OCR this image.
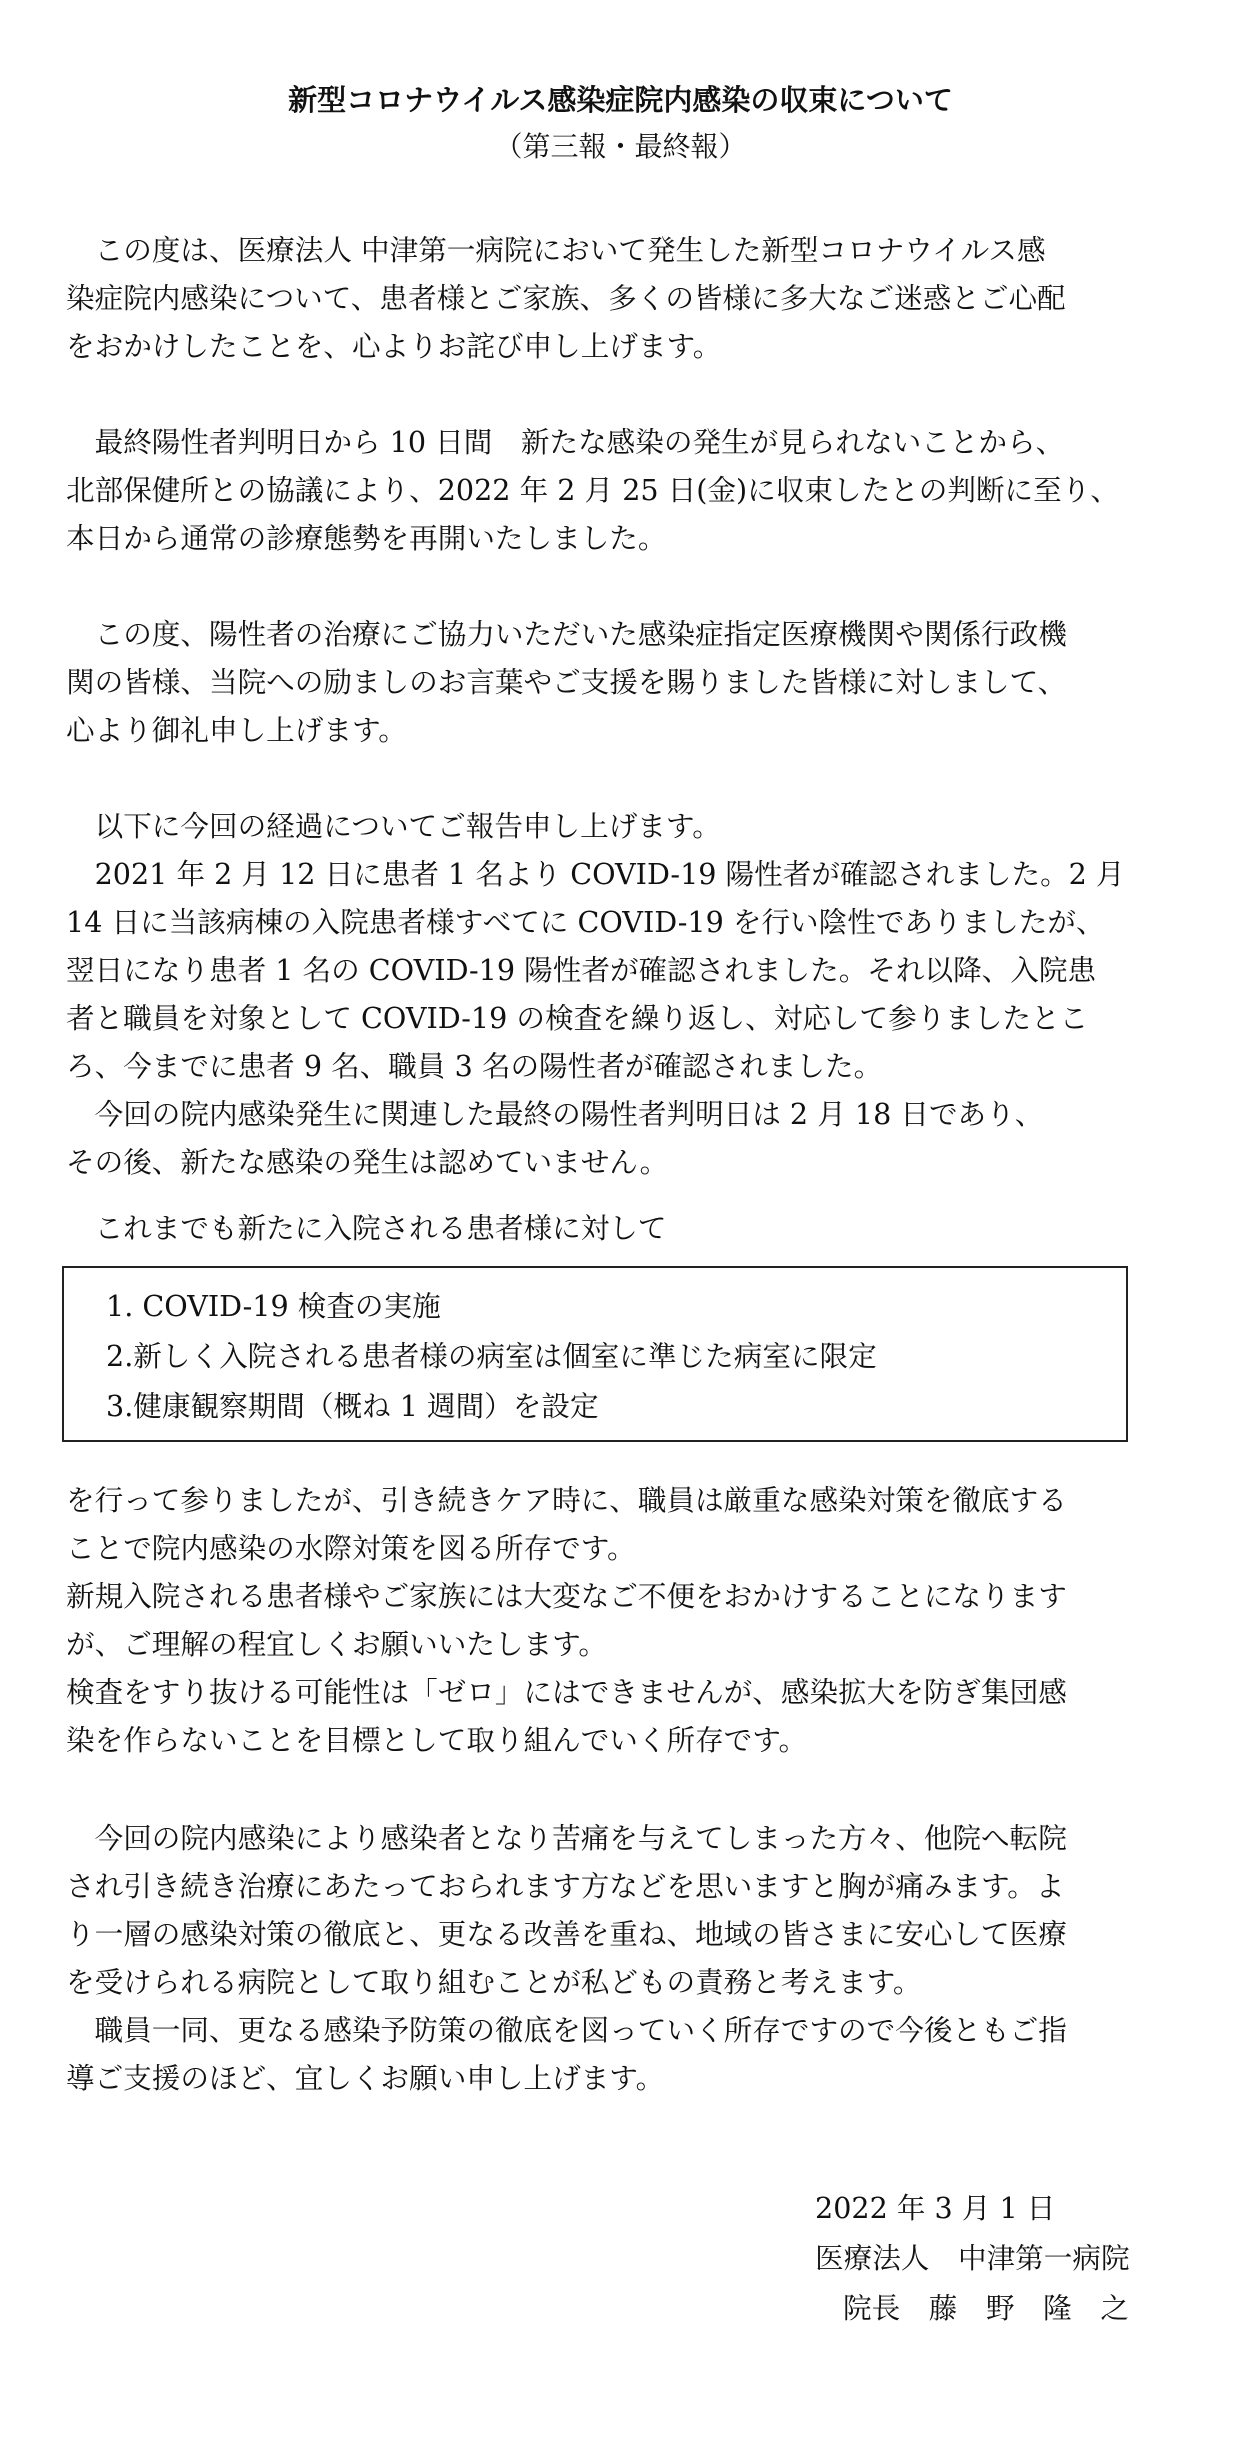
新型コロナウイルス感染症院内感染の収束について
（第三報・最終報）
　この度は、医療法人 中津第一病院において発生した新型コロナウイルス感
染症院内感染について、患者様とご家族、多くの皆様に多大なご迷惑とご心配
をおかけしたことを、心よりお詫び申し上げます。
　最終陽性者判明日から 10 日間　新たな感染の発生が見られないことから、
北部保健所との協議により、2022 年 2 月 25 日(金)に収束したとの判断に至り、
本日から通常の診療態勢を再開いたしました。
　この度、陽性者の治療にご協力いただいた感染症指定医療機関や関係行政機
関の皆様、当院への励ましのお言葉やご支援を賜りました皆様に対しまして、
心より御礼申し上げます。
　以下に今回の経過についてご報告申し上げます。
　2021 年 2 月 12 日に患者 1 名より COVID-19 陽性者が確認されました。2 月
14 日に当該病棟の入院患者様すべてに COVID-19 を行い陰性でありましたが、
翌日になり患者 1 名の COVID-19 陽性者が確認されました。それ以降、入院患
者と職員を対象として COVID-19 の検査を繰り返し、対応して参りましたとこ
ろ、今までに患者 9 名、職員 3 名の陽性者が確認されました。
　今回の院内感染発生に関連した最終の陽性者判明日は 2 月 18 日であり、
その後、新たな感染の発生は認めていません。
　これまでも新たに入院される患者様に対して
1. COVID-19 検査の実施
2.新しく入院される患者様の病室は個室に準じた病室に限定
3.健康観察期間（概ね 1 週間）を設定
を行って参りましたが、引き続きケア時に、職員は厳重な感染対策を徹底する
ことで院内感染の水際対策を図る所存です。
新規入院される患者様やご家族には大変なご不便をおかけすることになります
が、ご理解の程宜しくお願いいたします。
検査をすり抜ける可能性は「ゼロ」にはできませんが、感染拡大を防ぎ集団感
染を作らないことを目標として取り組んでいく所存です。
　今回の院内感染により感染者となり苦痛を与えてしまった方々、他院へ転院
され引き続き治療にあたっておられます方などを思いますと胸が痛みます。よ
り一層の感染対策の徹底と、更なる改善を重ね、地域の皆さまに安心して医療
を受けられる病院として取り組むことが私どもの責務と考えます。
　職員一同、更なる感染予防策の徹底を図っていく所存ですので今後ともご指
導ご支援のほど、宜しくお願い申し上げます。
2022 年 3 月 1 日
医療法人　中津第一病院
院長　藤　野　隆　之
